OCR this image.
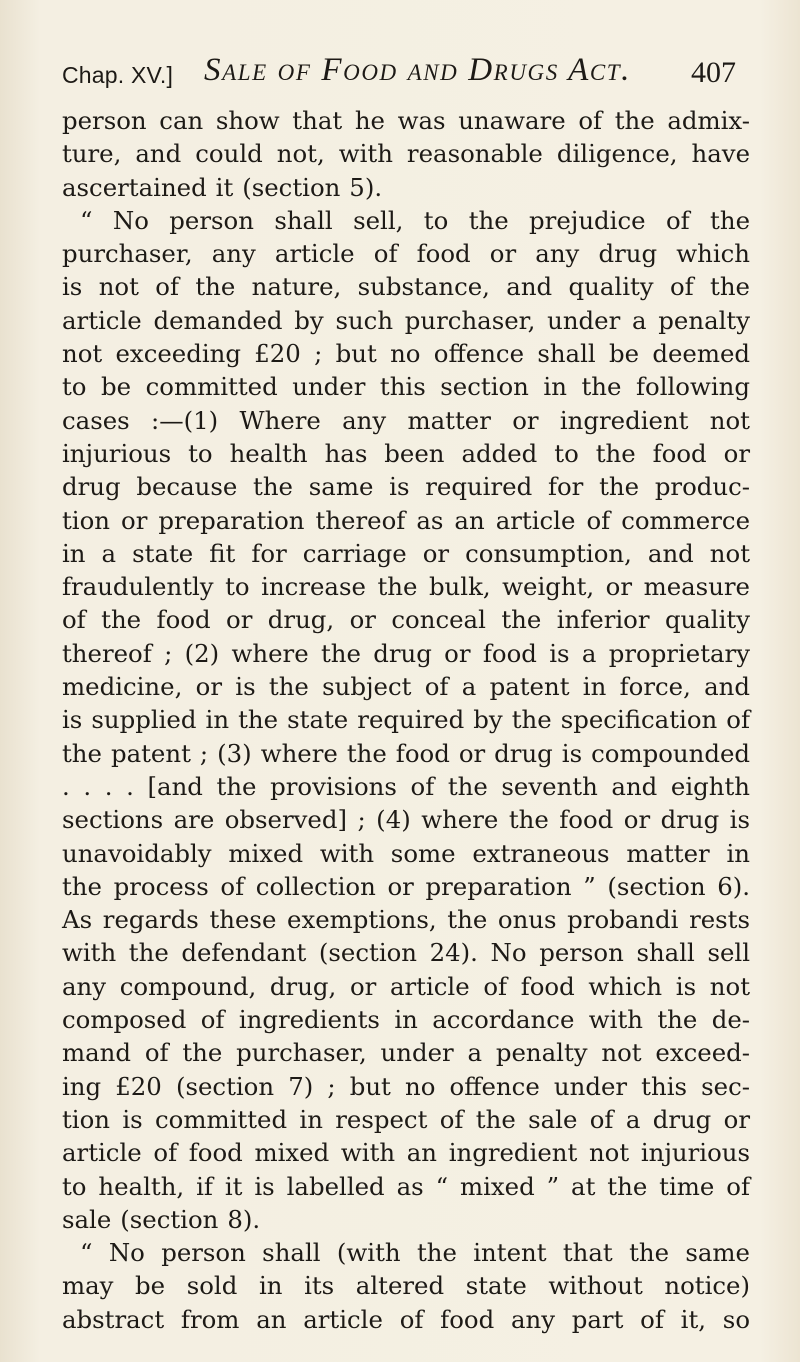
Chap. XV.] Sale of Food and Drugs Act. 407
person can show that he was unaware of the admix-
ture, and could not, with reasonable diligence, have
ascertained it (section 5).
“ No person shall sell, to the prejudice of the
purchaser, any article of food or any drug which
is not of the nature, substance, and quality of the
article demanded by such purchaser, under a penalty
not exceeding £20 ; but no offence shall be deemed
to be committed under this section in the following
cases :—(1) Where any matter or ingredient not
injurious to health has been added to the food or
drug because the same is required for the produc-
tion or preparation thereof as an article of commerce
in a state fit for carriage or consumption, and not
fraudulently to increase the bulk, weight, or measure
of the food or drug, or conceal the inferior quality
thereof ; (2) where the drug or food is a proprietary
medicine, or is the subject of a patent in force, and
is supplied in the state required by the specification of
the patent ; (3) where the food or drug is compounded
. . . . [and the provisions of the seventh and eighth
sections are observed] ; (4) where the food or drug is
unavoidably mixed with some extraneous matter in
the process of collection or preparation ” (section 6).
As regards these exemptions, the onus probandi rests
with the defendant (section 24). No person shall sell
any compound, drug, or article of food which is not
composed of ingredients in accordance with the de-
mand of the purchaser, under a penalty not exceed-
ing £20 (section 7) ; but no offence under this sec-
tion is committed in respect of the sale of a drug or
article of food mixed with an ingredient not injurious
to health, if it is labelled as “ mixed ” at the time of
sale (section 8).
“ No person shall (with the intent that the same
may be sold in its altered state without notice)
abstract from an article of food any part of it, so
